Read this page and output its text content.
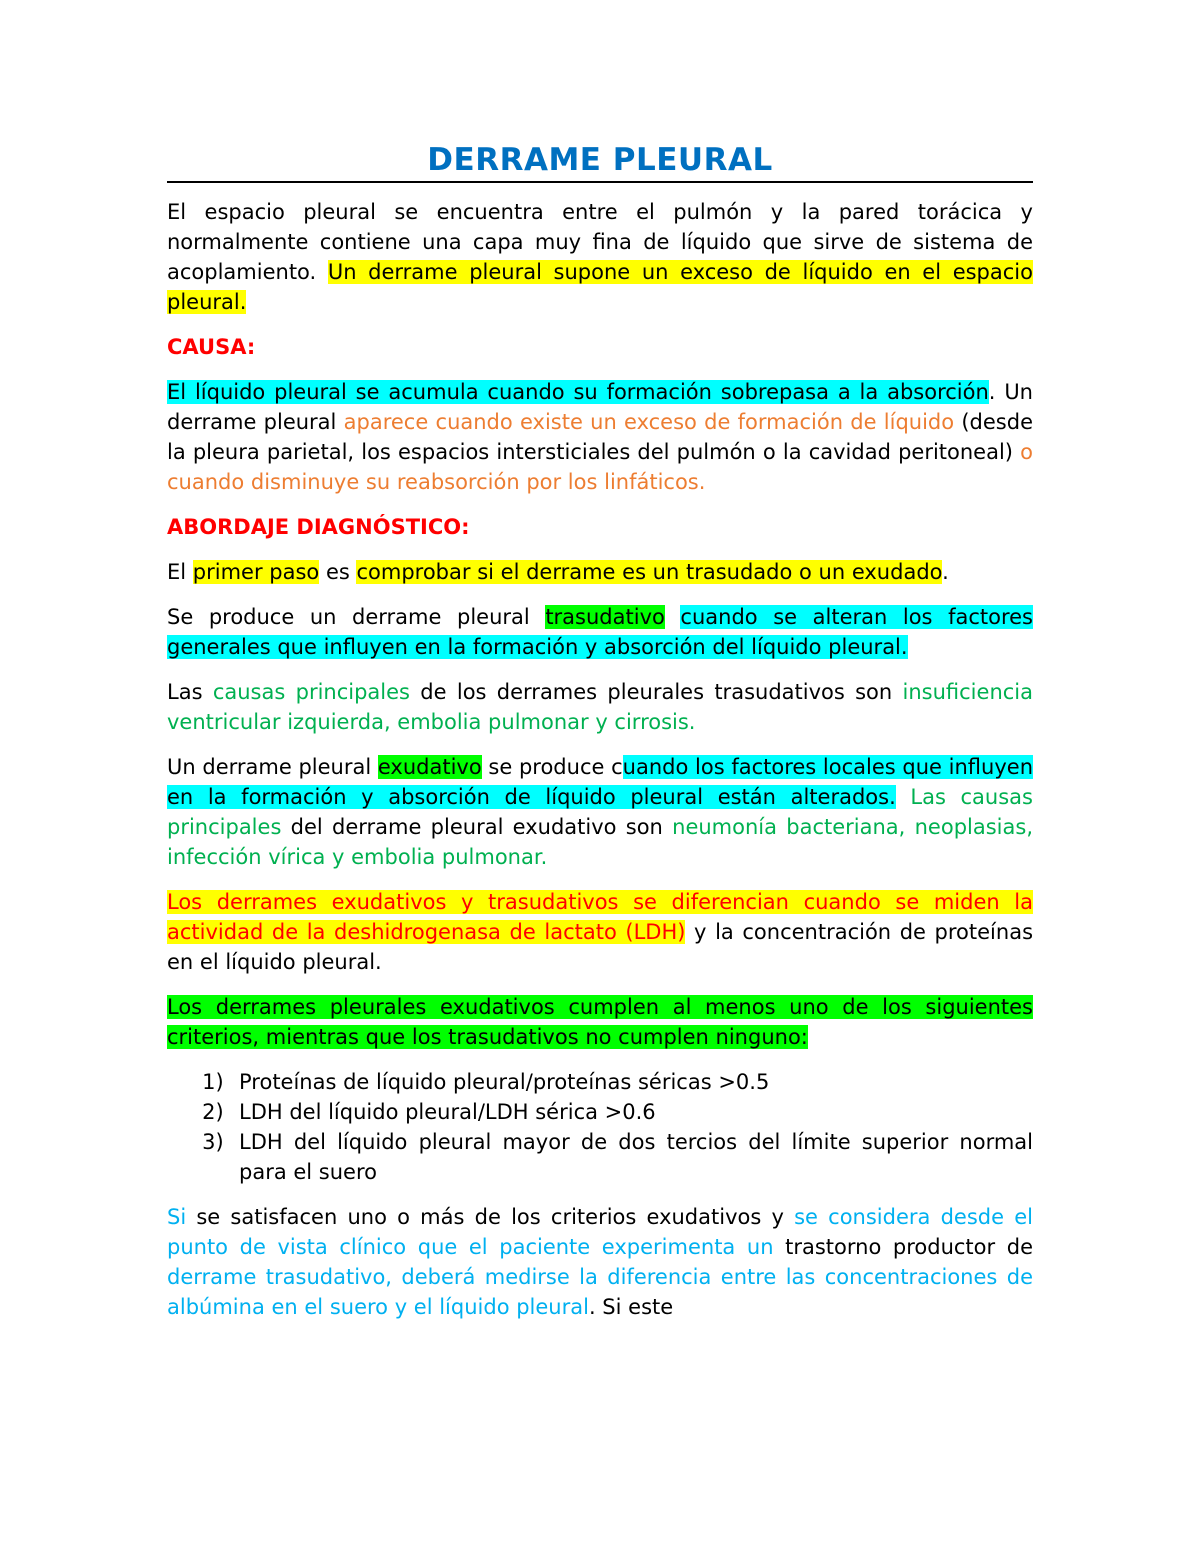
DERRAME PLEURAL

El espacio pleural se encuentra entre el pulmón y la pared torácica y normalmente contiene una capa muy fina de líquido que sirve de sistema de acoplamiento. Un derrame pleural supone un exceso de líquido en el espacio pleural.

CAUSA:

El líquido pleural se acumula cuando su formación sobrepasa a la absorción. Un derrame pleural aparece cuando existe un exceso de formación de líquido (desde la pleura parietal, los espacios intersticiales del pulmón o la cavidad peritoneal) o cuando disminuye su reabsorción por los linfáticos.

ABORDAJE DIAGNÓSTICO:

El primer paso es comprobar si el derrame es un trasudado o un exudado.

Se produce un derrame pleural trasudativo cuando se alteran los factores generales que influyen en la formación y absorción del líquido pleural.

Las causas principales de los derrames pleurales trasudativos son insuficiencia ventricular izquierda, embolia pulmonar y cirrosis.

Un derrame pleural exudativo se produce cuando los factores locales que influyen en la formación y absorción de líquido pleural están alterados. Las causas principales del derrame pleural exudativo son neumonía bacteriana, neoplasias, infección vírica y embolia pulmonar.

Los derrames exudativos y trasudativos se diferencian cuando se miden la actividad de la deshidrogenasa de lactato (LDH) y la concentración de proteínas en el líquido pleural.

Los derrames pleurales exudativos cumplen al menos uno de los siguientes criterios, mientras que los trasudativos no cumplen ninguno:

1. Proteínas de líquido pleural/proteínas séricas >0.5
2. LDH del líquido pleural/LDH sérica >0.6
3. LDH del líquido pleural mayor de dos tercios del límite superior normal para el suero

Si se satisfacen uno o más de los criterios exudativos y se considera desde el punto de vista clínico que el paciente experimenta un trastorno productor de derrame trasudativo, deberá medirse la diferencia entre las concentraciones de albúmina en el suero y el líquido pleural. Si este
